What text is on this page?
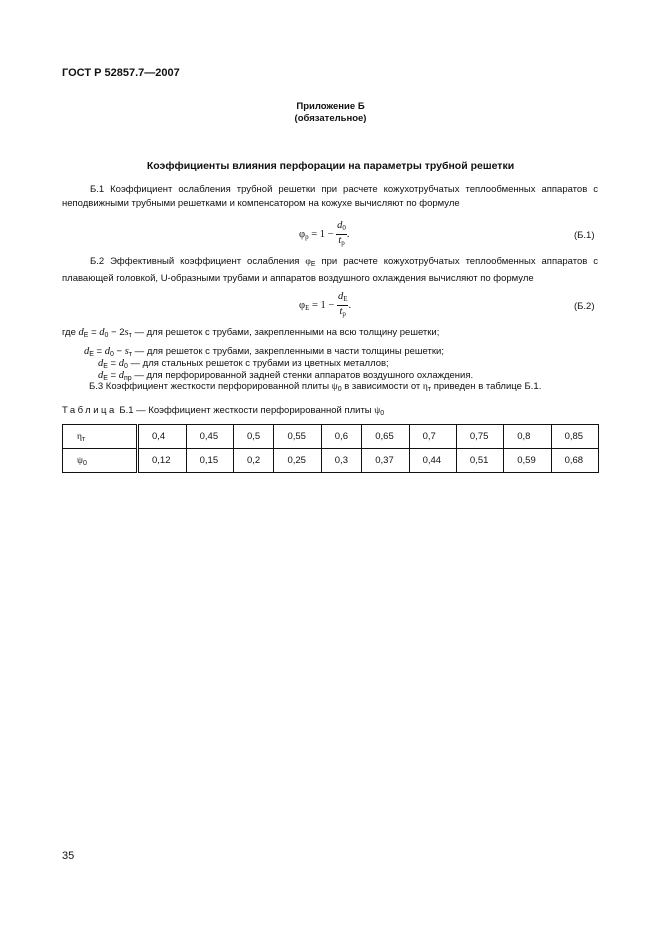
ГОСТ Р 52857.7—2007
Приложение Б
(обязательное)
Коэффициенты влияния перфорации на параметры трубной решетки
Б.1 Коэффициент ослабления трубной решетки при расчете кожухотрубчатых теплообменных аппаратов с неподвижными трубными решетками и компенсатором на кожухе вычисляют по формуле
$\varphi_р = 1 - \frac{d_0}{t_p}$ .	(Б.1)
Б.2 Эффективный коэффициент ослабления $\varphi_E$ при расчете кожухотрубчатых теплообменных аппаратов с плавающей головкой, U-образными трубами и аппаратов воздушного охлаждения вычисляют по формуле
$\varphi_E = 1 - \frac{d_E}{t_p}$ .	(Б.2)
где $d_E = d_0 - 2s_т$ — для решеток с трубами, закрепленными на всю толщину решетки;
$d_E = d_0 - s_т$ — для решеток с трубами, закрепленными в части толщины решетки;
$d_E = d_0$ — для стальных решеток с трубами из цветных металлов;
$d_E = d_{пр}$ — для перфорированной задней стенки аппаратов воздушного охлаждения.
Б.3 Коэффициент жесткости перфорированной плиты $\psi_0$ в зависимости от $\eta_т$ приведен в таблице Б.1.
Таблица Б.1 — Коэффициент жесткости перфорированной плиты $\psi_0$
$\eta_т$	0,4	0,45	0,5	0,55	0,6	0,65	0,7	0,75	0,8	0,85
$\psi_0$	0,12	0,15	0,2	0,25	0,3	0,37	0,44	0,51	0,59	0,68
35
